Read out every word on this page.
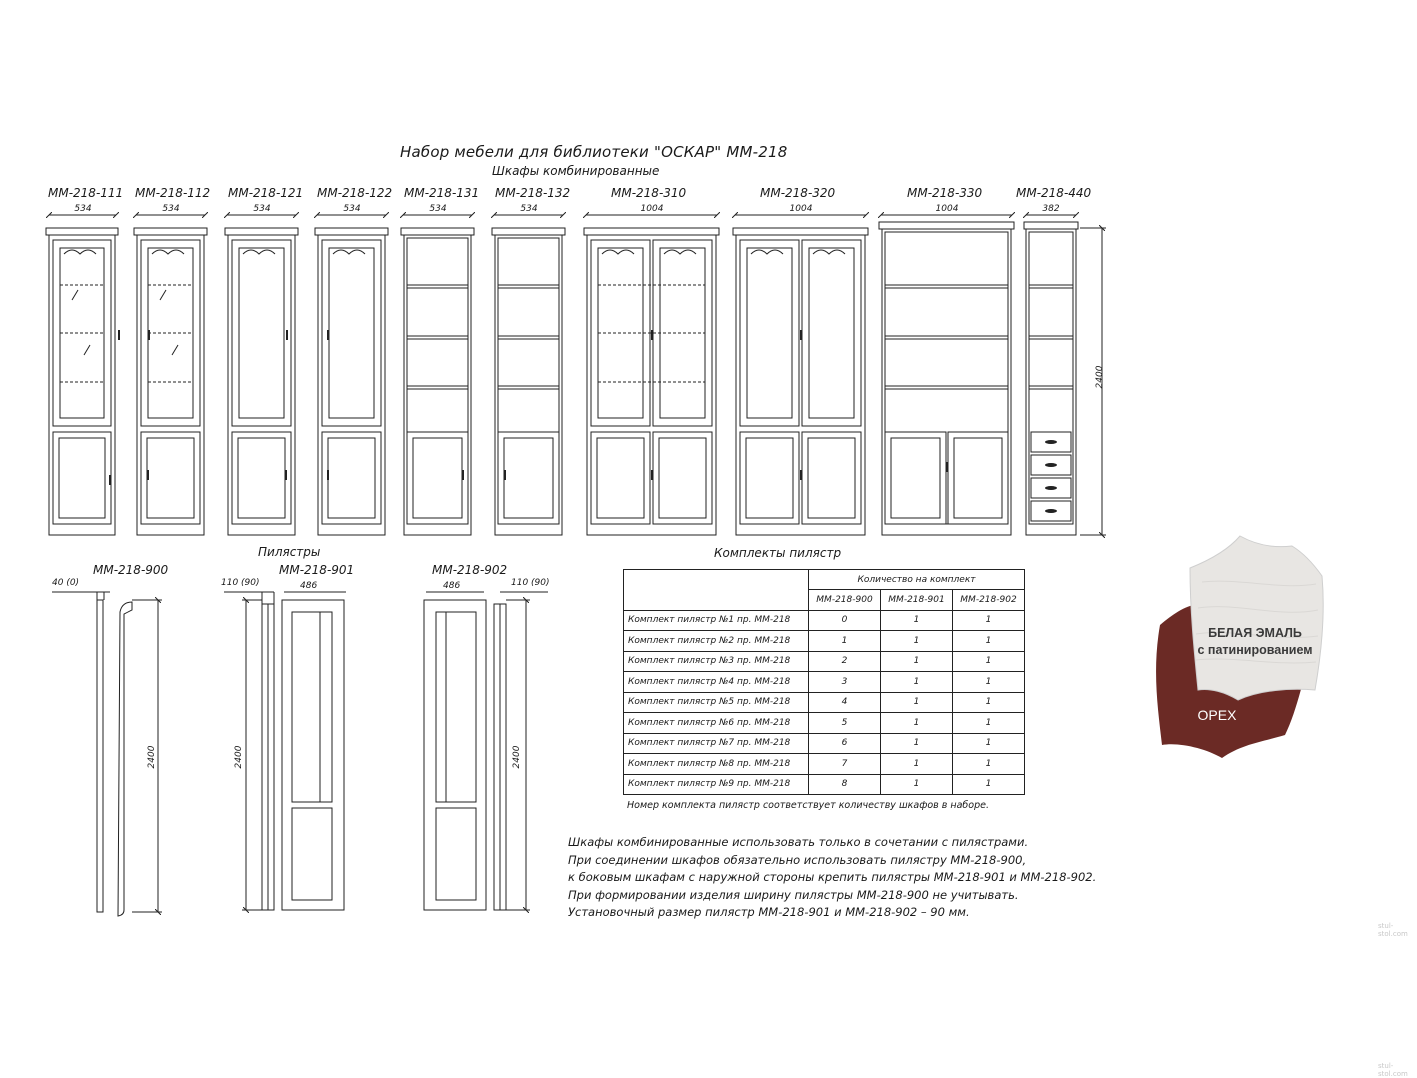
Набор мебели для библиотеки "ОСКАР" ММ-218
Шкафы комбинированные
ММ-218-111 ММ-218-112 ММ-218-121 ММ-218-122 ММ-218-131 ММ-218-132	ММ-218-310	ММ-218-320	ММ-218-330	ММ-218-440
534	534	534	534	534	534	1004	1004	1004	382
2400
Пилястры
ММ-218-900	ММ-218-901	ММ-218-902
40 (0)	110 (90)	486	486	110 (90)
2400	2400	2400
Комплекты пилястр
	Количество на комплект		
	ММ-218-900	ММ-218-901	ММ-218-902
Комплект пилястр №1 пр. ММ-218	0	1	1
Комплект пилястр №2 пр. ММ-218	1	1	1
Комплект пилястр №3 пр. ММ-218	2	1	1
Комплект пилястр №4 пр. ММ-218	3	1	1
Комплект пилястр №5 пр. ММ-218	4	1	1
Комплект пилястр №6 пр. ММ-218	5	1	1
Комплект пилястр №7 пр. ММ-218	6	1	1
Комплект пилястр №8 пр. ММ-218	7	1	1
Комплект пилястр №9 пр. ММ-218	8	1	1
Номер комплекта пилястр соответствует количеству шкафов в наборе.
Шкафы комбинированные использовать только в сочетании с пилястрами.
При соединении шкафов обязательно использовать пилястру ММ-218-900,
к боковым шкафам с наружной стороны крепить пилястры ММ-218-901 и ММ-218-902.
При формировании изделия ширину пилястры ММ-218-900 не учитывать.
Установочный размер пилястр ММ-218-901 и ММ-218-902 – 90 мм.
БЕЛАЯ ЭМАЛЬ
с патинированием
ОРЕХ
stul-stol.com
stul-stol.com
